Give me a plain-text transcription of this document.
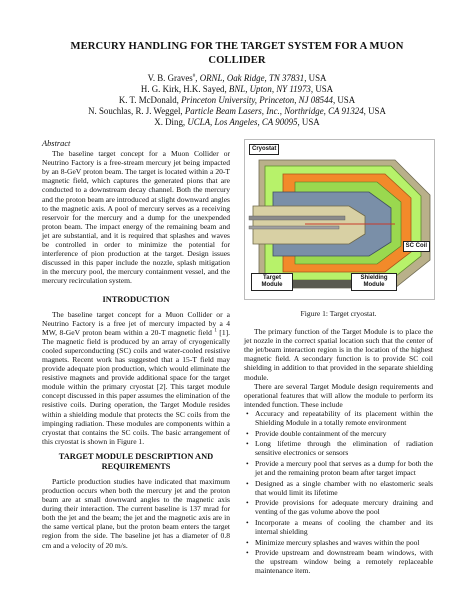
MERCURY HANDLING FOR THE TARGET SYSTEM FOR A MUON
COLLIDER
V. B. Graves#, ORNL, Oak Ridge, TN 37831, USA
H. G. Kirk, H.K. Sayed, BNL, Upton, NY 11973, USA
K. T. McDonald, Princeton University, Princeton, NJ 08544, USA
N. Souchlas, R. J. Weggel, Particle Beam Lasers, Inc., Northridge, CA 91324, USA
X. Ding, UCLA, Los Angeles, CA 90095, USA
Abstract

The baseline target concept for a Muon Collider or Neutrino Factory is a free-stream mercury jet being impacted by an 8-GeV proton beam. The target is located within a 20-T magnetic field, which captures the generated pions that are conducted to a downstream decay channel. Both the mercury and the proton beam are introduced at slight downward angles to the magnetic axis. A pool of mercury serves as a receiving reservoir for the mercury and a dump for the unexpended proton beam. The impact energy of the remaining beam and jet are substantial, and it is required that splashes and waves be controlled in order to minimize the potential for interference of pion production at the target. Design issues discussed in this paper include the nozzle, splash mitigation in the mercury pool, the mercury containment vessel, and the mercury recirculation system.

INTRODUCTION

The baseline target concept for a Muon Collider or a Neutrino Factory is a free jet of mercury impacted by a 4 MW, 8-GeV proton beam within a 20-T magnetic field $^1$ [1]. The magnetic field is produced by an array of cryogenically cooled superconducting (SC) coils and water-cooled resistive magnets. Recent work has suggested that a 15-T field may provide adequate pion production, which would eliminate the resistive magnets and provide additional space for the target module within the primary cryostat [2]. This target module concept discussed in this paper assumes the elimination of the resistive coils. During operation, the Target Module resides within a shielding module that protects the SC coils from the impinging radiation. These modules are components within a cryostat that contains the SC coils. The basic arrangement of this cryostat is shown in Figure 1.

TARGET MODULE DESCRIPTION AND
REQUIREMENTS

Particle production studies have indicated that maximum production occurs when both the mercury jet and the proton beam are at small downward angles to the magnetic axis during their interaction. The current baseline is 137 mrad for both the jet and the beam; the jet and the magnetic axis are in the same vertical plane, but the proton beam enters the target region from the side. The baseline jet has a diameter of 0.8 cm and a velocity of 20 m/s.

Cryostat
SC Coil
Target Module
Shielding Module
Figure 1: Target cryostat.

The primary function of the Target Module is to place the jet nozzle in the correct spatial location such that the center of the jet/beam interaction region is in the location of the highest magnetic field. A secondary function is to provide SC coil shielding in addition to that provided in the separate shielding module.

There are several Target Module design requirements and operational features that will allow the module to perform its intended function. These include

• Accuracy and repeatability of its placement within the Shielding Module in a totally remote environment
• Provide double containment of the mercury
• Long lifetime through the elimination of radiation sensitive electronics or sensors
• Provide a mercury pool that serves as a dump for both the jet and the remaining proton beam after target impact
• Designed as a single chamber with no elastomeric seals that would limit its lifetime
• Provide provisions for adequate mercury draining and venting of the gas volume above the pool
• Incorporate a means of cooling the chamber and its internal shielding
• Minimize mercury splashes and waves within the pool
• Provide upstream and downstream beam windows, with the upstream window being a remotely replaceable maintenance item.
